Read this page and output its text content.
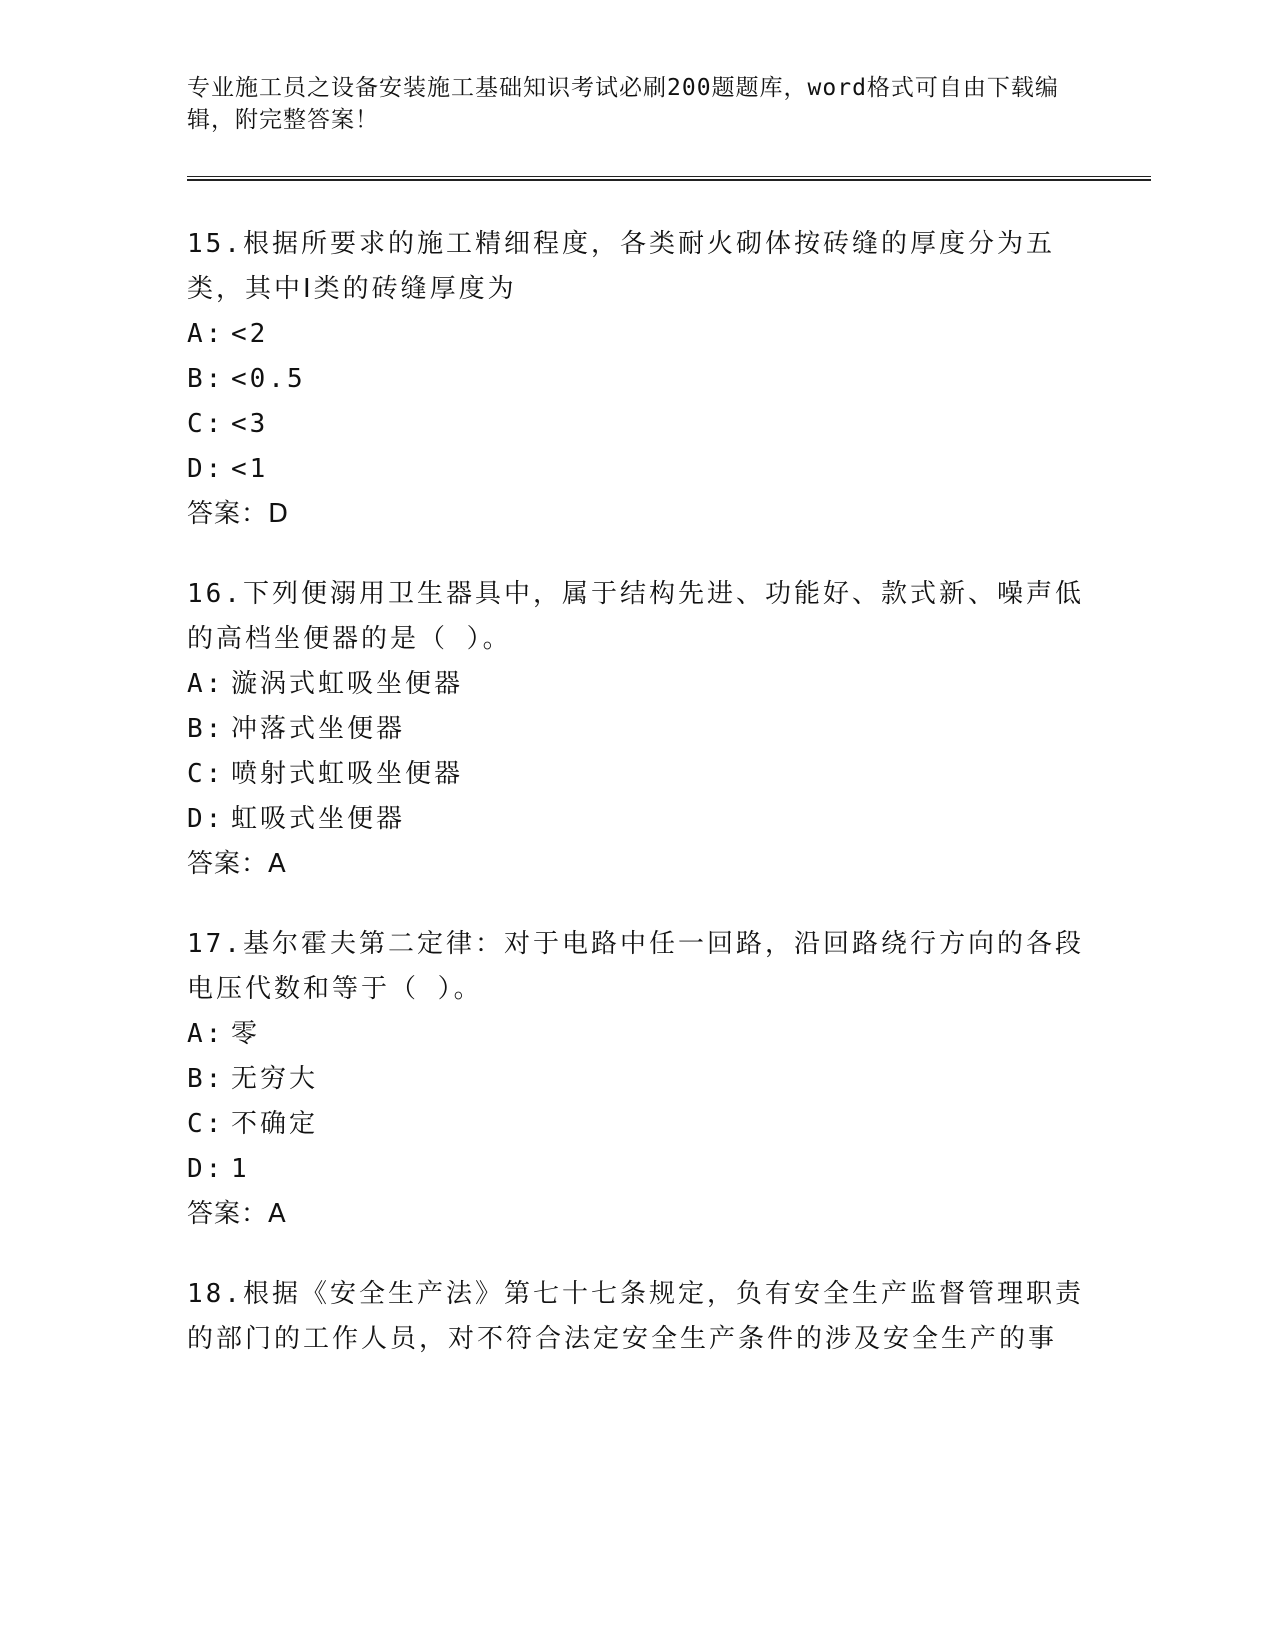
专业施工员之设备安装施工基础知识考试必刷200题题库，word格式可自由下载编辑，附完整答案！

15.根据所要求的施工精细程度，各类耐火砌体按砖缝的厚度分为五类，其中Ⅰ类的砖缝厚度为

A: <2
B: <0.5
C: <3
D: <1

答案：D

16.下列便溺用卫生器具中，属于结构先进、功能好、款式新、噪声低的高档坐便器的是（ ）。

A: 漩涡式虹吸坐便器
B: 冲落式坐便器
C: 喷射式虹吸坐便器
D: 虹吸式坐便器

答案：A

17.基尔霍夫第二定律：对于电路中任一回路，沿回路绕行方向的各段电压代数和等于（ ）。

A: 零
B: 无穷大
C: 不确定
D: 1

答案：A

18.根据《安全生产法》第七十七条规定，负有安全生产监督管理职责的部门的工作人员，对不符合法定安全生产条件的涉及安全生产的事
